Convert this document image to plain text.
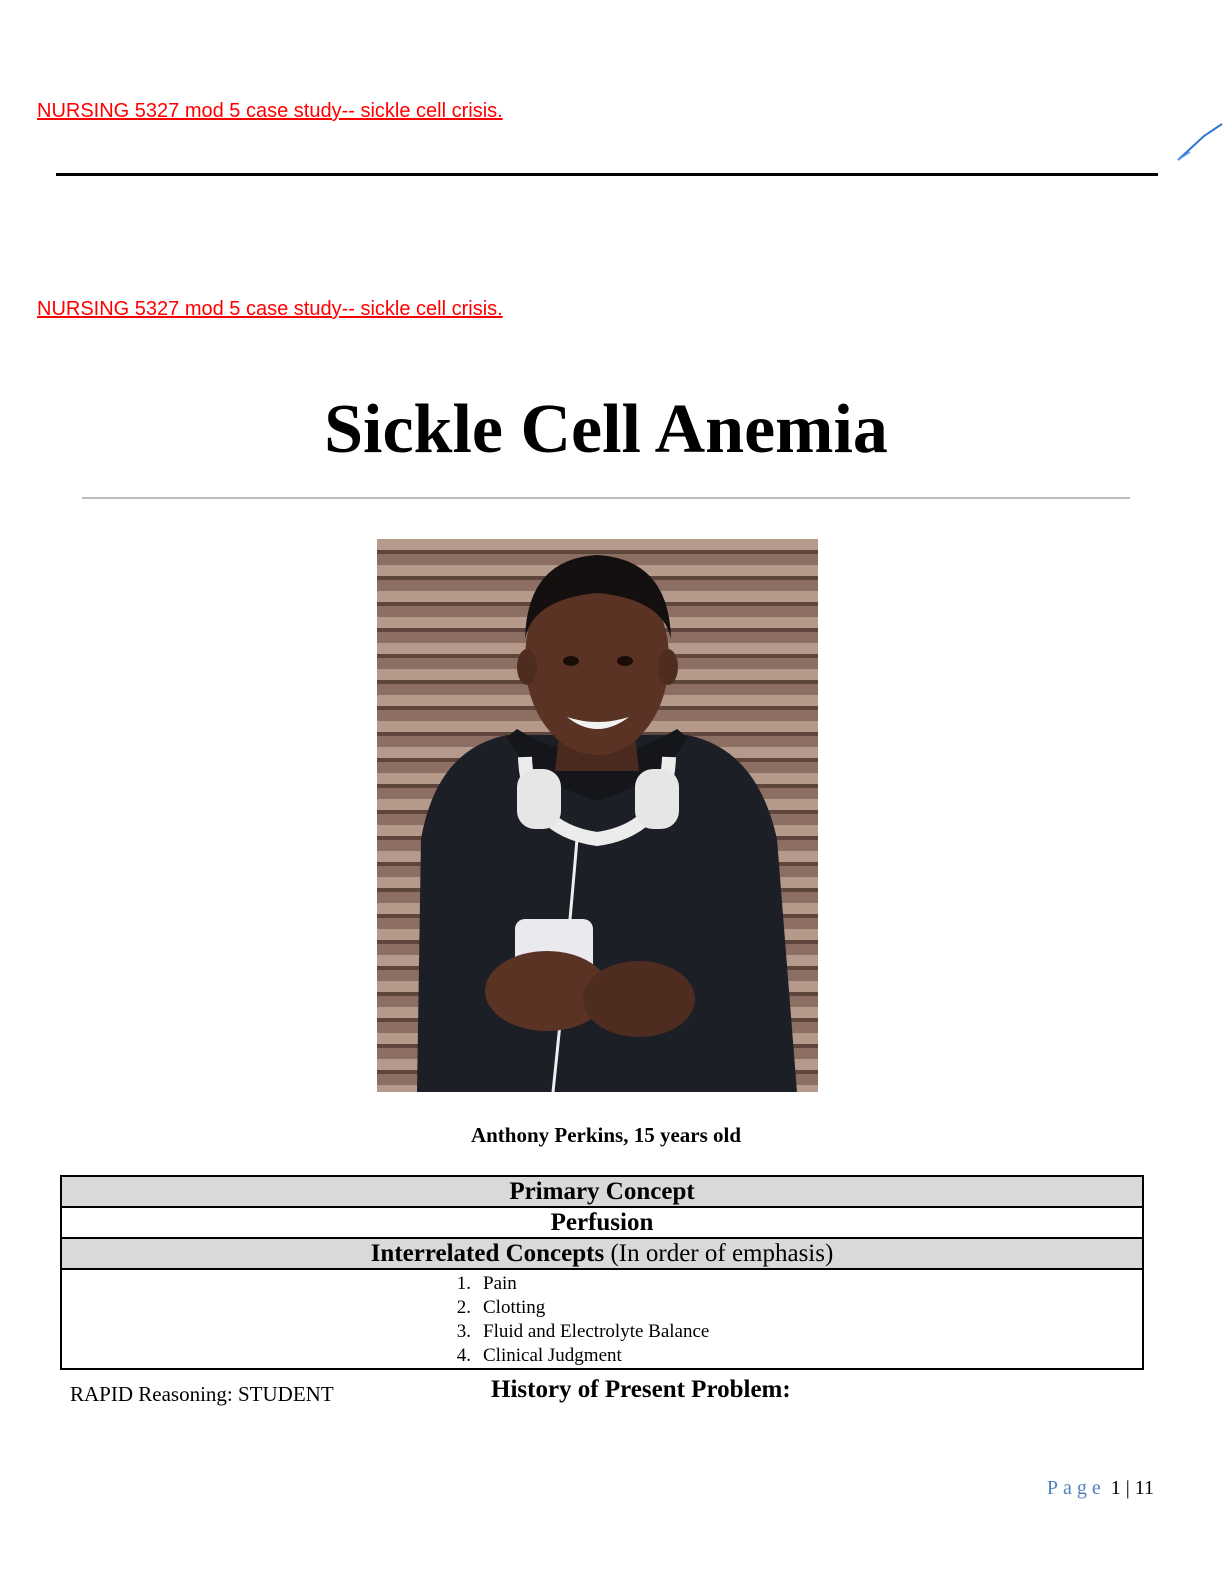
NURSING 5327 mod 5 case study-- sickle cell crisis.
NURSING 5327 mod 5 case study-- sickle cell crisis.
Sickle Cell Anemia
Anthony Perkins, 15 years old
Primary Concept
Perfusion
Interrelated Concepts (In order of emphasis)

1. Pain
2. Clotting
3. Fluid and Electrolyte Balance
4. Clinical Judgment
RAPID Reasoning: STUDENT	History of Present Problem:
Page 1 | 11
